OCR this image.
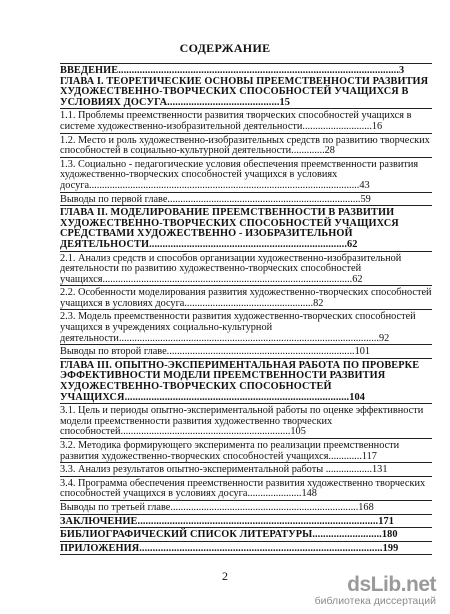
СОДЕРЖАНИЕ

ВВЕДЕНИЕ.........................................................................................................3

ГЛАВА I. ТЕОРЕТИЧЕСКИЕ ОСНОВЫ ПРЕЕМСТВЕННОСТИ РАЗВИТИЯ ХУДОЖЕСТВЕННО-ТВОРЧЕСКИХ СПОСОБНОСТЕЙ УЧАЩИХСЯ В УСЛОВИЯХ ДОСУГА..........................................15

1.1. Проблемы преемственности развития творческих способностей учащихся в системе художественно-изобразительной деятельности...........................16

1.2. Место и роль художественно-изобразительных средств по развитию творческих способностей в социально-культурной деятельности.............28

1.3. Социально - педагогические условия обеспечения преемственности развития художественно-творческих способностей учащихся в условиях досуга.........................................................................................................43

Выводы по первой главе...........................................................................59

ГЛАВА II. МОДЕЛИРОВАНИЕ ПРЕЕМСТВЕННОСТИ В РАЗВИТИИ ХУДОЖЕСТВЕННО-ТВОРЧЕСКИХ СПОСОБНОСТЕЙ УЧАЩИХСЯ СРЕДСТВАМИ ХУДОЖЕСТВЕННО - ИЗОБРАЗИТЕЛЬНОЙ ДЕЯТЕЛЬНОСТИ..........................................................................62

2.1. Анализ средств и способов организации художественно-изобразительной деятельности по развитию художественно-творческих способностей учащихся.................................................................................................62

2.2. Особенности моделирования развития художественно-творческих способностей учащихся в условиях досуга..................................................82

2.3. Модель преемственности развития художественно-творческих способностей учащихся в учреждениях социально-культурной деятельности.....................................................................................................92

Выводы по второй главе.........................................................................101

ГЛАВА III. ОПЫТНО-ЭКСПЕРИМЕНТАЛЬНАЯ РАБОТА ПО ПРОВЕРКЕ ЭФФЕКТИВНОСТИ МОДЕЛИ ПРЕЕМСТВЕННОСТИ РАЗВИТИЯ ХУДОЖЕСТВЕННО-ТВОРЧЕСКИХ СПОСОБНОСТЕЙ УЧАЩИХСЯ....................................................................................104

3.1. Цель и периоды опытно-экспериментальной работы по оценке эффективности модели преемственности развития художественно творческих способностей..................................................................105

3.2. Методика формирующего эксперимента по реализации преемственности развития художественно-творческих способностей учащихся.............117

3.3. Анализ результатов опытно-экспериментальной работы ..................131

3.4. Программа обеспечения преемственности развития художественно творческих способностей учащихся в условиях досуга.....................148

Выводы по третьей главе.........................................................................168

ЗАКЛЮЧЕНИЕ..........................................................................................171

БИБЛИОГРАФИЧЕСКИЙ СПИСОК ЛИТЕРАТУРЫ..........................180

ПРИЛОЖЕНИЯ...........................................................................................199

2	dsLib.net
библиотека диссертаций
